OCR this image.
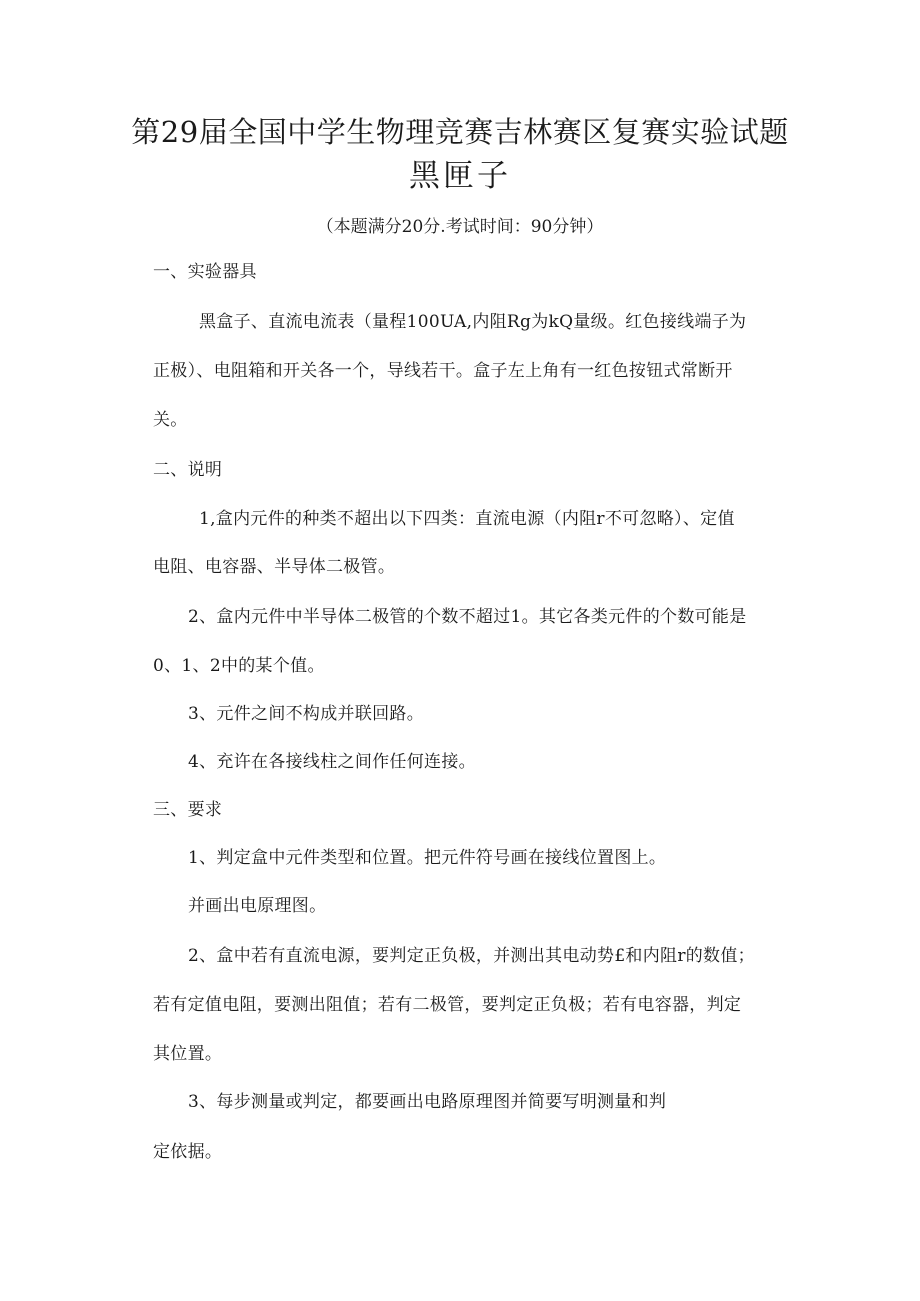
第29届全国中学生物理竞赛吉林赛区复赛实验试题
黑匣子
（本题满分20分.考试时间：90分钟）
一、实验器具
黑盒子、直流电流表（量程100UA,内阻Rg为kQ量级。红色接线端子为
正极）、电阻箱和开关各一个，导线若干。盒子左上角有一红色按钮式常断开
关。
二、说明
1,盒内元件的种类不超出以下四类：直流电源（内阻r不可忽略）、定值
电阻、电容器、半导体二极管。
2、盒内元件中半导体二极管的个数不超过1。其它各类元件的个数可能是
0、1、2中的某个值。
3、元件之间不构成并联回路。
4、充许在各接线柱之间作任何连接。
三、要求
1、判定盒中元件类型和位置。把元件符号画在接线位置图上。
并画出电原理图。
2、盒中若有直流电源，要判定正负极，并测出其电动势£和内阻r的数值；
若有定值电阻，要测出阻值；若有二极管，要判定正负极；若有电容器，判定
其位置。
3、每步测量或判定，都要画出电路原理图并简要写明测量和判
定依据。
